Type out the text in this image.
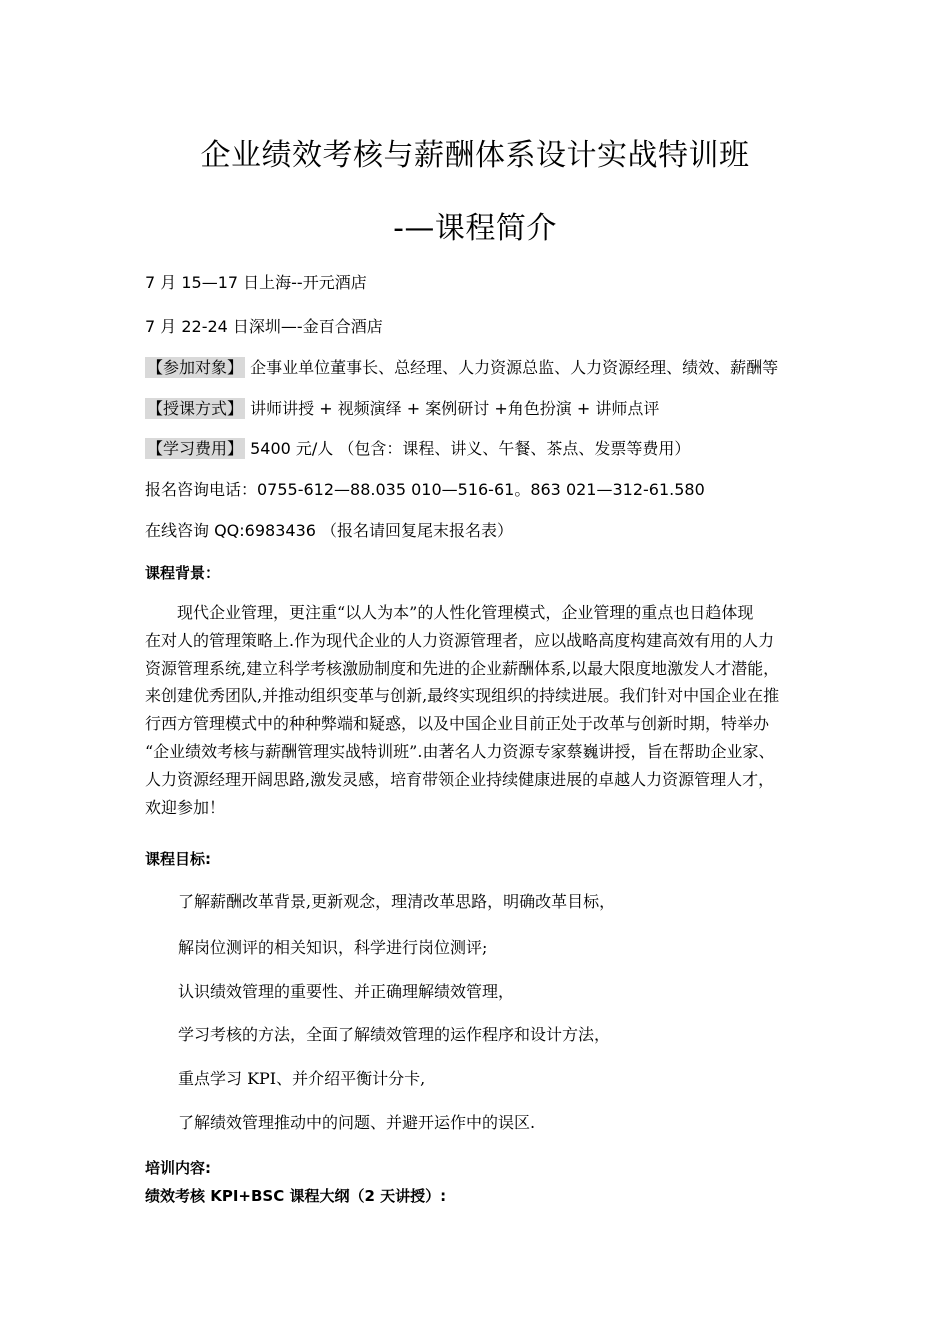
企业绩效考核与薪酬体系设计实战特训班
-—课程简介
7 月 15—17 日上海--开元酒店
7 月 22-24 日深圳—-金百合酒店
【参加对象】 企事业单位董事长、总经理、人力资源总监、人力资源经理、绩效、薪酬等
【授课方式】 讲师讲授 + 视频演绎 + 案例研讨 +角色扮演 + 讲师点评
【学习费用】 5400 元/人 （包含：课程、讲义、午餐、茶点、发票等费用）
报名咨询电话：0755-612—88.035 010—516-61。863 021—312-61.580
在线咨询 QQ:6983436 （报名请回复尾末报名表）
课程背景：

　　现代企业管理，更注重“以人为本”的人性化管理模式，企业管理的重点也日趋体现

在对人的管理策略上.作为现代企业的人力资源管理者，应以战略高度构建高效有用的人力

资源管理系统,建立科学考核激励制度和先进的企业薪酬体系,以最大限度地激发人才潜能，

来创建优秀团队,并推动组织变革与创新,最终实现组织的持续进展。我们针对中国企业在推

行西方管理模式中的种种弊端和疑惑，以及中国企业目前正处于改革与创新时期，特举办

“企业绩效考核与薪酬管理实战特训班”.由著名人力资源专家蔡巍讲授，旨在帮助企业家、

人力资源经理开阔思路,激发灵感，培育带领企业持续健康进展的卓越人力资源管理人才，

欢迎参加！

课程目标:
了解薪酬改革背景,更新观念，理清改革思路，明确改革目标，
解岗位测评的相关知识，科学进行岗位测评;
认识绩效管理的重要性、并正确理解绩效管理，
学习考核的方法，全面了解绩效管理的运作程序和设计方法，
重点学习 KPI、并介绍平衡计分卡,
了解绩效管理推动中的问题、并避开运作中的误区.
培训内容:
绩效考核 KPI+BSC 课程大纲（2 天讲授）:
